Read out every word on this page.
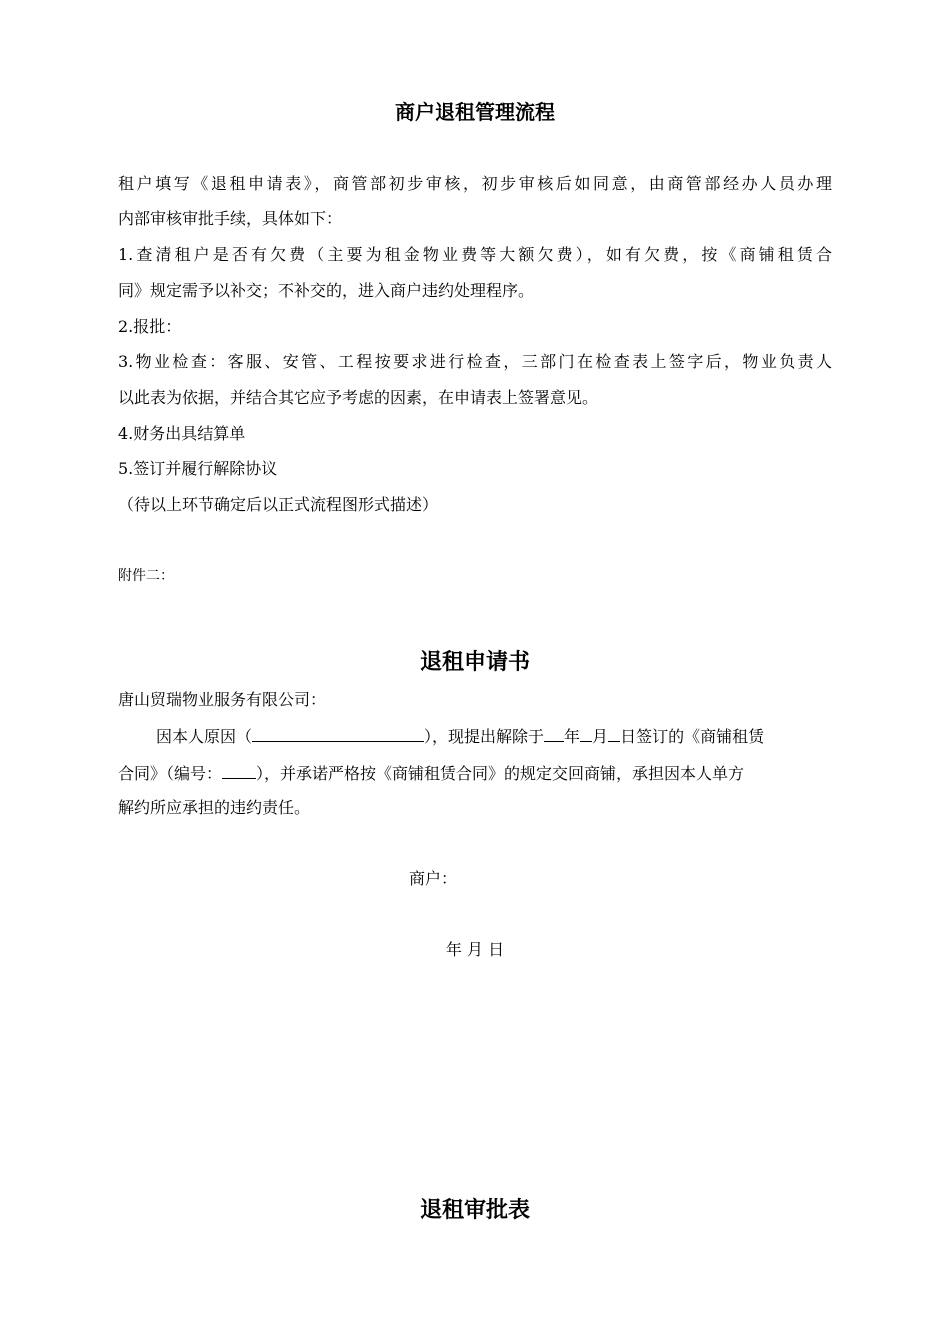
商户退租管理流程
租户填写《退租申请表》，商管部初步审核，初步审核后如同意，由商管部经办人员办理
内部审核审批手续，具体如下：
1.查清租户是否有欠费（主要为租金物业费等大额欠费），如有欠费，按《商铺租赁合
同》规定需予以补交；不补交的，进入商户违约处理程序。
2.报批：
3.物业检查：客服、安管、工程按要求进行检查，三部门在检查表上签字后，物业负责人
以此表为依据，并结合其它应予考虑的因素，在申请表上签署意见。
4.财务出具结算单
5.签订并履行解除协议
（待以上环节确定后以正式流程图形式描述）
附件二：
退租申请书
唐山贸瑞物业服务有限公司：
因本人原因（	），现提出解除于 年 月 日签订的《商铺租赁
合同》（编号： ），并承诺严格按《商铺租赁合同》的规定交回商铺，承担因本人单方
解约所应承担的违约责任。
商户：
年 月 日
退租审批表
